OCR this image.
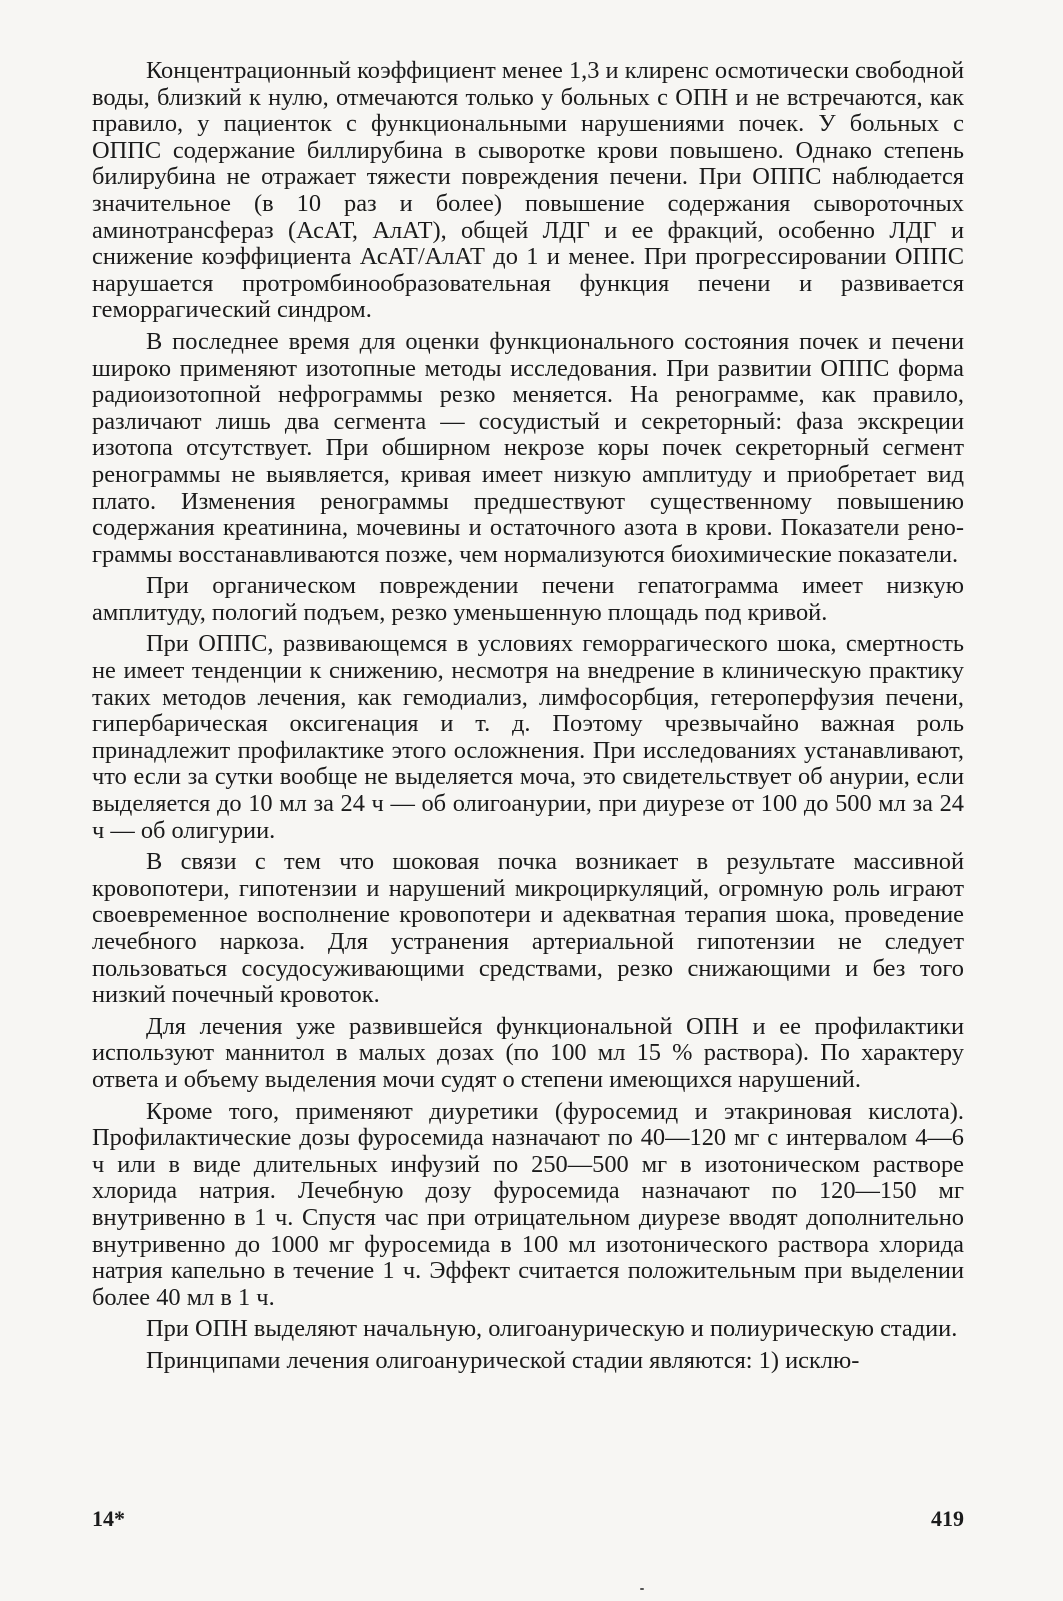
Концентрационный коэффициент менее 1,3 и клиренс осмотически свободной воды, близкий к нулю, отмечаются только у больных с ОПН и не встречаются, как правило, у пациенток с функциональными нарушениями почек. У больных с ОППС содержание биллирубина в сыворотке крови повышено. Однако степень билирубина не отражает тяжести повреждения печени. При ОППС наблюдается значительное (в 10 раз и более) повышение содержания сывороточных аминотрансфераз (АсАТ, АлАТ), общей ЛДГ и ее фракций, особенно ЛДГ и снижение коэффициента АсАТ/АлАТ до 1 и менее. При прогрессировании ОППС нарушается протромбинообразовательная функция печени и развивается геморрагический синдром.

В последнее время для оценки функционального состояния почек и печени широко применяют изотопные методы исследования. При развитии ОППС форма радиоизотопной нефрограммы резко меняется. На ренограмме, как правило, различают лишь два сегмента — сосудистый и секреторный: фаза экскреции изотопа отсутствует. При обширном некрозе коры почек секреторный сегмент ренограммы не выявляется, кривая имеет низкую амплитуду и приобретает вид плато. Изменения ренограммы предшествуют существенному повышению содержания креатинина, мочевины и остаточного азота в крови. Показатели ренограммы восстанавливаются позже, чем нормализуются биохимические показатели.

При органическом повреждении печени гепатограмма имеет низкую амплитуду, пологий подъем, резко уменьшенную площадь под кривой.

При ОППС, развивающемся в условиях геморрагического шока, смертность не имеет тенденции к снижению, несмотря на внедрение в клиническую практику таких методов лечения, как гемодиализ, лимфосорбция, гетероперфузия печени, гипербарическая оксигенация и т. д. Поэтому чрезвычайно важная роль принадлежит профилактике этого осложнения. При исследованиях устанавливают, что если за сутки вообще не выделяется моча, это свидетельствует об анурии, если выделяется до 10 мл за 24 ч — об олигоанурии, при диурезе от 100 до 500 мл за 24 ч — об олигурии.

В связи с тем что шоковая почка возникает в результате массивной кровопотери, гипотензии и нарушений микроциркуляций, огромную роль играют своевременное восполнение кровопотери и адекватная терапия шока, проведение лечебного наркоза. Для устранения артериальной гипотензии не следует пользоваться сосудосуживающими средствами, резко снижающими и без того низкий почечный кровоток.

Для лечения уже развившейся функциональной ОПН и ее профилактики используют маннитол в малых дозах (по 100 мл 15 % раствора). По характеру ответа и объему выделения мочи судят о степени имеющихся нарушений.

Кроме того, применяют диуретики (фуросемид и этакриновая кислота). Профилактические дозы фуросемида назначают по 40—120 мг с интервалом 4—6 ч или в виде длительных инфузий по 250—500 мг в изотоническом растворе хлорида натрия. Лечебную дозу фуросемида назначают по 120—150 мг внутривенно в 1 ч. Спустя час при отрицательном диурезе вводят дополнительно внутривенно до 1000 мг фуросемида в 100 мл изотонического раствора хлорида натрия капельно в течение 1 ч. Эффект считается положительным при выделении более 40 мл в 1 ч.

При ОПН выделяют начальную, олигоанурическую и полиурическую стадии.

Принципами лечения олигоанурической стадии являются: 1) исклю-

14*	419
